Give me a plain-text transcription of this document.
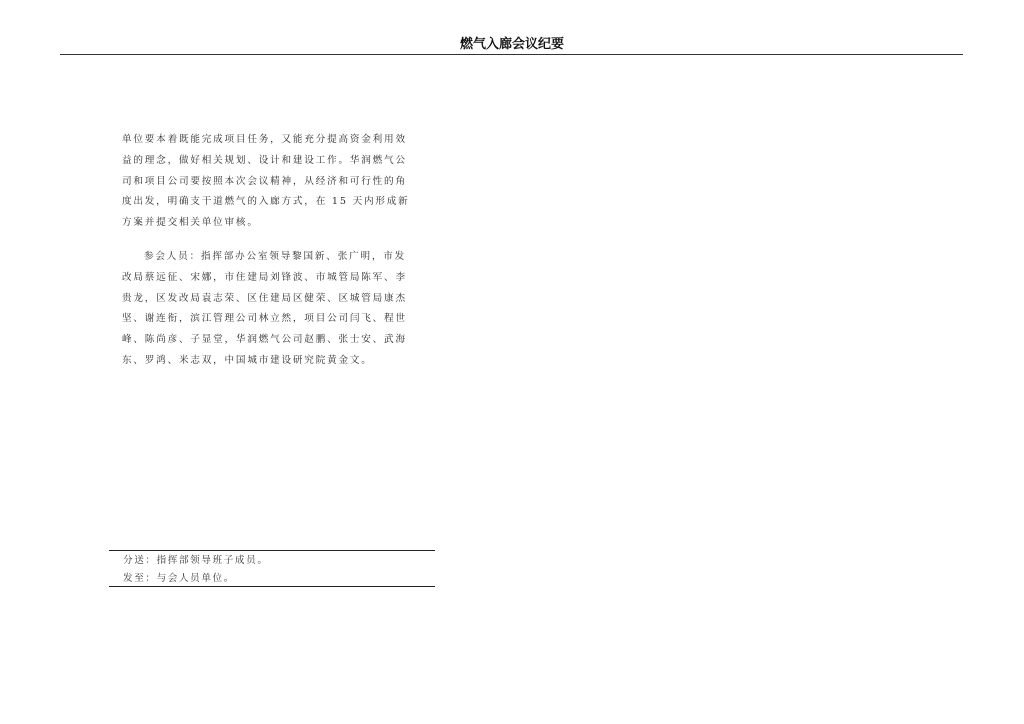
燃气入廊会议纪要

单位要本着既能完成项目任务，又能充分提高资金利用效益的理念，做好相关规划、设计和建设工作。华润燃气公司和项目公司要按照本次会议精神，从经济和可行性的角度出发，明确支干道燃气的入廊方式，在 15 天内形成新方案并提交相关单位审核。

参会人员：指挥部办公室领导黎国新、张广明，市发改局蔡远征、宋娜，市住建局刘锋波、市城管局陈军、李贵龙，区发改局袁志荣、区住建局区健荣、区城管局康杰坚、谢连衔，滨江管理公司林立然，项目公司闫飞、程世峰、陈尚彦、子显堂，华润燃气公司赵鹏、张士安、武海东、罗鸿、米志双，中国城市建设研究院黄金文。

分送：指挥部领导班子成员。
发至：与会人员单位。
